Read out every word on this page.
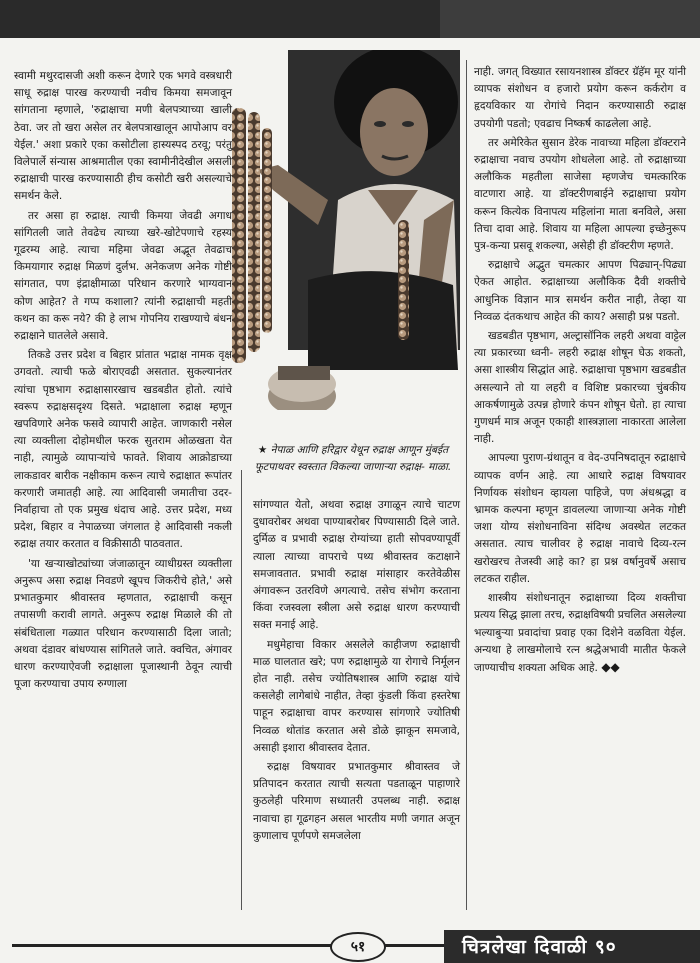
★ नेपाळ आणि हरिद्वार येथून रुद्राक्ष आणून मुंबईत फूटपाथवर स्वस्तात विकल्या जाणाऱ्या रुद्राक्ष- माळा.

स्वामी मथुरदासजी अशी करून देणारे एक भगवे वस्त्रधारी साधू रुद्राक्ष पारख करण्याची नवीच किमया समजावून सांगताना म्हणाले, 'रुद्राक्षाचा मणी बेलपत्र्याच्या खाली ठेवा. जर तो खरा असेल तर बेलपत्राखालून आपोआप वर येईल.' अशा प्रकारे एका कसोटीला हास्यस्पद ठरवू; परंतु विलेपार्ले संन्यास आश्रमातील एका स्वामीनीदेखील असली रुद्राक्षाची पारख करण्यासाठी हीच कसोटी खरी असल्याचे समर्थन केले.

तर असा हा रुद्राक्ष. त्याची किमया जेवढी अगाध सांगितली जाते तेवढेच त्याच्या खरे-खोटेपणाचे रहस्य गूढरम्य आहे. त्याचा महिमा जेवढा अद्भूत तेवढाच किमयागार रुद्राक्ष मिळणं दुर्लभ. अनेकजण अनेक गोष्टी सांगतात, पण इंद्राक्षीमाळा परिधान करणारे भाग्यवान कोण आहेत? ते गप्प कशाला? त्यांनी रुद्राक्षाची महती कथन का करू नये? की हे लाभ गोपनिय राखण्याचे बंधन रुद्राक्षाने घातलेले असावे.

तिकडे उत्तर प्रदेश व बिहार प्रांतात भद्राक्ष नामक वृक्ष उगवतो. त्याची फळे बोराएवढी असतात. सुकल्यानंतर त्यांचा पृष्ठभाग रुद्राक्षासारखाच खडबडीत होतो. त्यांचे स्वरूप रुद्राक्षसदृश्य दिसते. भद्राक्षाला रुद्राक्ष म्हणून खपविणारे अनेक फसवे व्यापारी आहेत. जाणकारी नसेल त्या व्यक्तीला दोहोमधील फरक सुतराम ओळखता येत नाही, त्यामुळे व्यापाऱ्यांचे फावते. शिवाय आक्रोडाच्या लाकडावर बारीक नक्षीकाम करून त्याचे रुद्राक्षात रूपांतर करणारी जमातही आहे. त्या आदिवासी जमातीचा उदर- निर्वाहाचा तो एक प्रमुख धंदाच आहे. उत्तर प्रदेश, मध्य प्रदेश, बिहार व नेपाळच्या जंगलात हे आदिवासी नकली रुद्राक्ष तयार करतात व विक्रीसाठी पाठवतात.

'या खऱ्याखोट्यांच्या जंजाळातून व्याधीग्रस्त व्यक्तीला अनुरूप असा रुद्राक्ष निवडणे खूपच जिकरीचे होते,' असे प्रभातकुमार श्रीवास्तव म्हणतात, रुद्राक्षाची कसून तपासणी करावी लागते. अनुरूप रुद्राक्ष मिळाले की तो संबंधिताला गळ्यात परिधान करण्यासाठी दिला जातो; अथवा दंडावर बांधण्यास सांगितले जाते. क्वचित, अंगावर धारण करण्याऐवजी रुद्राक्षाला पूजास्थानी ठेवून त्याची पूजा करण्याचा उपाय रुग्णाला

सांगण्यात येतो, अथवा रुद्राक्ष उगाळून त्याचे चाटण दुधावरोबर अथवा पाण्याबरोबर पिण्यासाठी दिले जाते. दुर्मिळ व प्रभावी रुद्राक्ष रोग्यांच्या हाती सोपवण्यापूर्वी त्याला त्याच्या वापराचे पथ्य श्रीवास्तव कटाक्षाने समजावतात. प्रभावी रुद्राक्ष मांसाहार करतेवेळीस अंगावरून उतरविणे अगत्याचे. तसेच संभोग करताना किंवा रजस्वला स्त्रीला असे रुद्राक्ष धारण करण्याची सक्त मनाई आहे.

मधुमेहाचा विकार असलेले काहीजण रुद्राक्षाची माळ घालतात खरे; पण रुद्राक्षामुळे या रोगाचे निर्मूलन होत नाही. तसेच ज्योतिषशास्त्र आणि रुद्राक्ष यांचे कसलेही लागेबांधे नाहीत, तेव्हा कुंडली किंवा हस्तरेषा पाहून रुद्राक्षाचा वापर करण्यास सांगणारे ज्योतिषी निव्वळ थोतांड करतात असे डोळे झाकून समजावे, असाही इशारा श्रीवास्तव देतात.

रुद्राक्ष विषयावर प्रभातकुमार श्रीवास्तव जे प्रतिपादन करतात त्याची सत्यता पडताळून पाहाणारे कुठलेही परिमाण सध्यातरी उपलब्ध नाही. रुद्राक्ष नावाचा हा गूढगहन असल भारतीय मणी जगात अजून कुणालाच पूर्णपणे समजलेला

नाही. जगत् विख्यात रसायनशास्त्र डॉक्टर ग्रॅहॅम मूर यांनी व्यापक संशोधन व हजारो प्रयोग करून कर्करोग व हृदयविकार या रोगांचे निदान करण्यासाठी रुद्राक्ष उपयोगी पडतो; एवढाच निष्कर्ष काढलेला आहे.

तर अमेरिकेत सुसान डेरेक नावाच्या महिला डॉक्टराने रुद्राक्षाचा नवाच उपयोग शोधलेला आहे. तो रुद्राक्षाच्या अलौकिक महतीला साजेसा म्हणजेच चमत्कारिक वाटणारा आहे. या डॉक्टरीणबाईने रुद्राक्षाचा प्रयोग करून कित्येक विनापत्य महिलांना माता बनविले, असा तिचा दावा आहे. शिवाय या महिला आपल्या इच्छेनुरूप पुत्र-कन्या प्रसवू शकल्या, असेही ही डॉक्टरीण म्हणते.

रुद्राक्षाचे अद्भुत चमत्कार आपण पिढ्यान्-पिढ्या ऐकत आहोत. रुद्राक्षाच्या अलौकिक दैवी शक्तीचे आधुनिक विज्ञान मात्र समर्थन करीत नाही, तेव्हा या निव्वळ दंतकथाच आहेत की काय? असाही प्रश्न पडतो.

खडबडीत पृष्ठभाग, अल्ट्रासॉनिक लहरी अथवा वाट्टेल त्या प्रकारच्या ध्वनी- लहरी रुद्राक्ष शोषून घेऊ शकतो, असा शास्त्रीय सिद्धांत आहे. रुद्राक्षाचा पृष्ठभाग खडबडीत असल्याने तो या लहरी व विशिष्ट प्रकारच्या चुंबकीय आकर्षणामुळे उत्पन्न होणारे कंपन शोषून घेतो. हा त्याचा गुणधर्म मात्र अजून एकाही शास्त्रज्ञाला नाकारता आलेला नाही.

आपल्या पुराण-ग्रंथातून व वेद-उपनिषदातून रुद्राक्षाचे व्यापक वर्णन आहे. त्या आधारे रुद्राक्ष विषयावर निर्णायक संशोधन व्हायला पाहिजे, पण अंधश्रद्धा व भ्रामक कल्पना म्हणून डावलल्या जाणाऱ्या अनेक गोष्टी जशा योग्य संशोधनाविना संदिग्ध अवस्थेत लटकत असतात. त्याच चालीवर हे रुद्राक्ष नावाचे दिव्य-रत्न खरोखरच तेजस्वी आहे का? हा प्रश्न वर्षानुवर्षे असाच लटकत राहील.

शास्त्रीय संशोधनातून रुद्राक्षाच्या दिव्य शक्तीचा प्रत्यय सिद्ध झाला तरच, रुद्राक्षविषयी प्रचलित असलेल्या भल्याबुऱ्या प्रवादांचा प्रवाह एका दिशेने वळविता येईल. अन्यथा हे लाखमोलाचे रत्न श्रद्धेअभावी मातीत फेकले जाण्याचीच शक्यता अधिक आहे. ◆◆

५१	चित्रलेखा दिवाळी ९०
